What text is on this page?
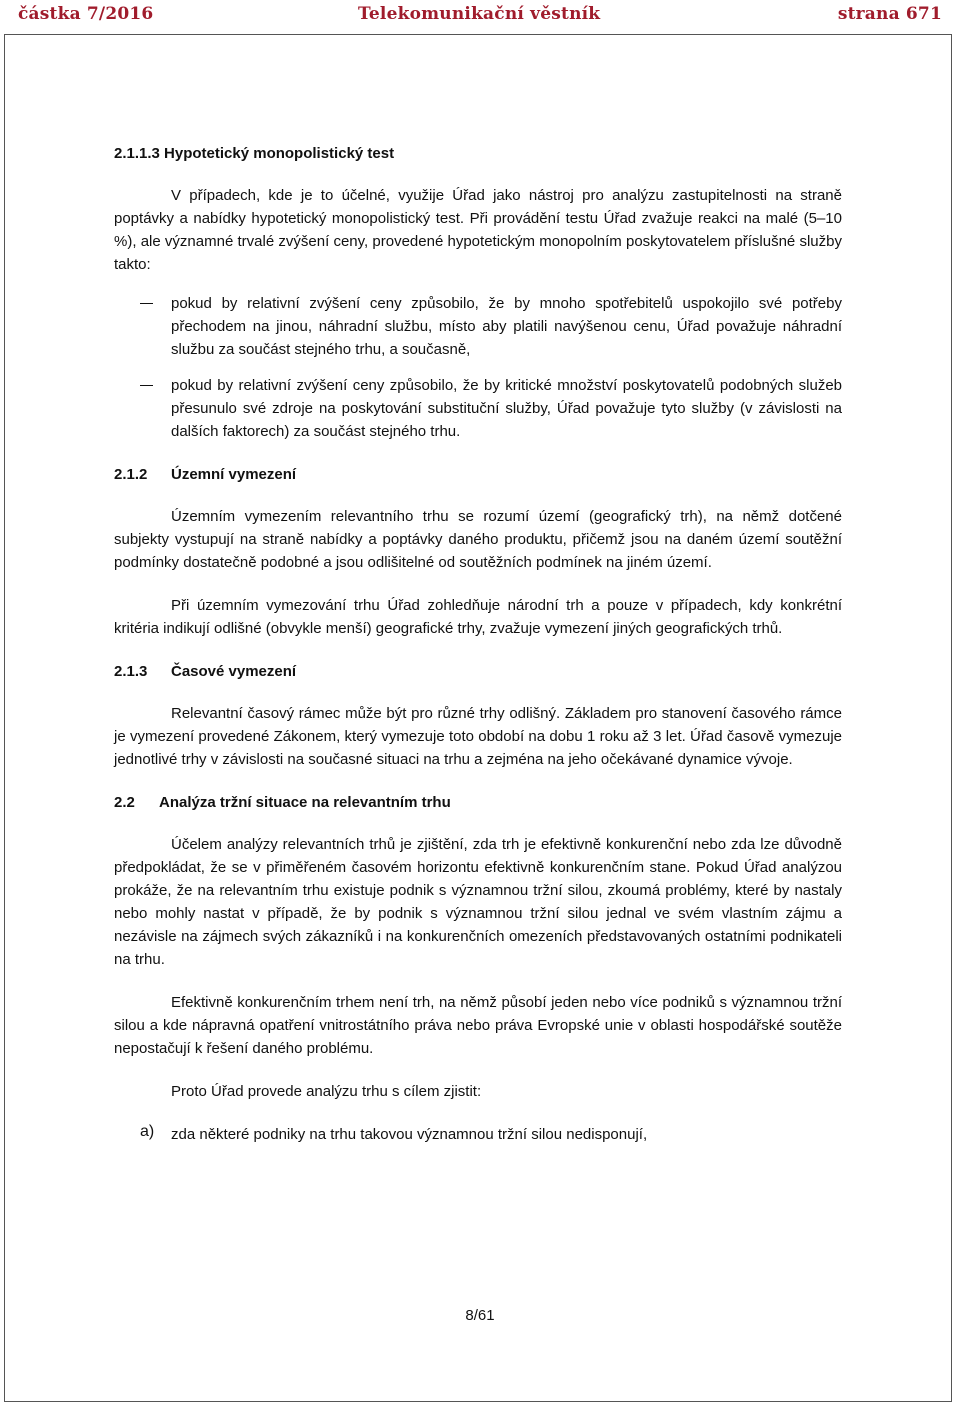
částka 7/2016	Telekomunikační věstník	strana 671

2.1.1.3 Hypotetický monopolistický test

V případech, kde je to účelné, využije Úřad jako nástroj pro analýzu zastupitelnosti na straně poptávky a nabídky hypotetický monopolistický test. Při provádění testu Úřad zvažuje reakci na malé (5–10 %), ale významné trvalé zvýšení ceny, provedené hypotetickým monopolním poskytovatelem příslušné služby takto:

pokud by relativní zvýšení ceny způsobilo, že by mnoho spotřebitelů uspokojilo své potřeby přechodem na jinou, náhradní službu, místo aby platili navýšenou cenu, Úřad považuje náhradní službu za součást stejného trhu, a současně,

pokud by relativní zvýšení ceny způsobilo, že by kritické množství poskytovatelů podobných služeb přesunulo své zdroje na poskytování substituční služby, Úřad považuje tyto služby (v závislosti na dalších faktorech) za součást stejného trhu.

2.1.2 Územní vymezení

Územním vymezením relevantního trhu se rozumí území (geografický trh), na němž dotčené subjekty vystupují na straně nabídky a poptávky daného produktu, přičemž jsou na daném území soutěžní podmínky dostatečně podobné a jsou odlišitelné od soutěžních podmínek na jiném území.

Při územním vymezování trhu Úřad zohledňuje národní trh a pouze v případech, kdy konkrétní kritéria indikují odlišné (obvykle menší) geografické trhy, zvažuje vymezení jiných geografických trhů.

2.1.3 Časové vymezení

Relevantní časový rámec může být pro různé trhy odlišný. Základem pro stanovení časového rámce je vymezení provedené Zákonem, který vymezuje toto období na dobu 1 roku až 3 let. Úřad časově vymezuje jednotlivé trhy v závislosti na současné situaci na trhu a zejména na jeho očekávané dynamice vývoje.

2.2 Analýza tržní situace na relevantním trhu

Účelem analýzy relevantních trhů je zjištění, zda trh je efektivně konkurenční nebo zda lze důvodně předpokládat, že se v přiměřeném časovém horizontu efektivně konkurenčním stane. Pokud Úřad analýzou prokáže, že na relevantním trhu existuje podnik s významnou tržní silou, zkoumá problémy, které by nastaly nebo mohly nastat v případě, že by podnik s významnou tržní silou jednal ve svém vlastním zájmu a nezávisle na zájmech svých zákazníků i na konkurenčních omezeních představovaných ostatními podnikateli na trhu.

Efektivně konkurenčním trhem není trh, na němž působí jeden nebo více podniků s významnou tržní silou a kde nápravná opatření vnitrostátního práva nebo práva Evropské unie v oblasti hospodářské soutěže nepostačují k řešení daného problému.

Proto Úřad provede analýzu trhu s cílem zjistit:

a) zda některé podniky na trhu takovou významnou tržní silou nedisponují,

8/61
